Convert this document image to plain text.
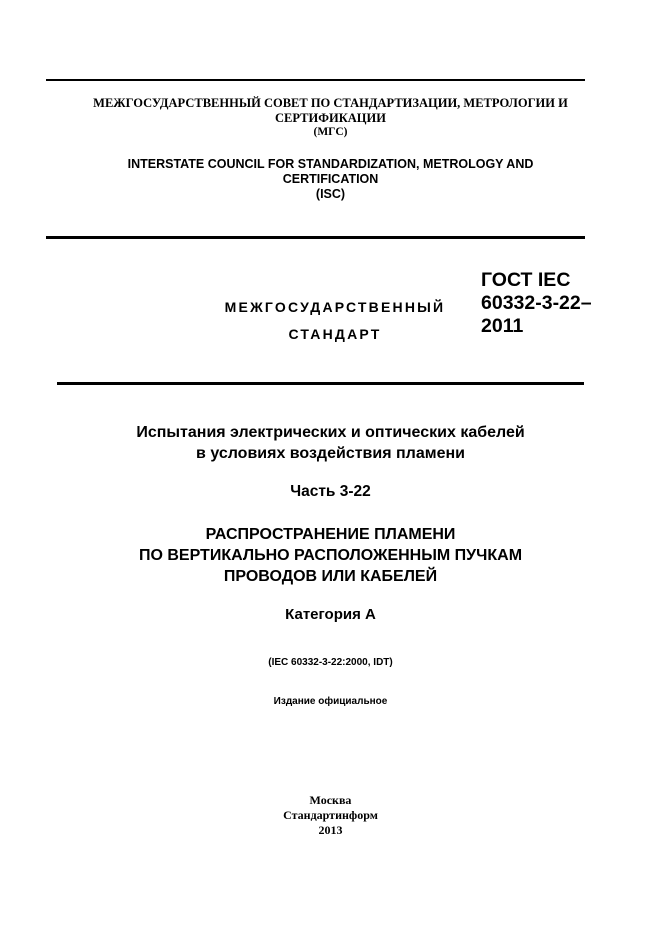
МЕЖГОСУДАРСТВЕННЫЙ СОВЕТ ПО СТАНДАРТИЗАЦИИ, МЕТРОЛОГИИ И
СЕРТИФИКАЦИИ
(МГС)
INTERSTATE COUNCIL FOR STANDARDIZATION, METROLOGY AND
CERTIFICATION
(ISC)
МЕЖГОСУДАРСТВЕННЫЙ
СТАНДАРТ
ГОСТ IEC
60332-3-22–
2011
Испытания электрических и оптических кабелей
в условиях воздействия пламени
Часть 3-22
РАСПРОСТРАНЕНИЕ ПЛАМЕНИ
ПО ВЕРТИКАЛЬНО РАСПОЛОЖЕННЫМ ПУЧКАМ
ПРОВОДОВ ИЛИ КАБЕЛЕЙ
Категория А
(IEC 60332-3-22:2000, IDT)
Издание официальное
Москва
Стандартинформ
2013
